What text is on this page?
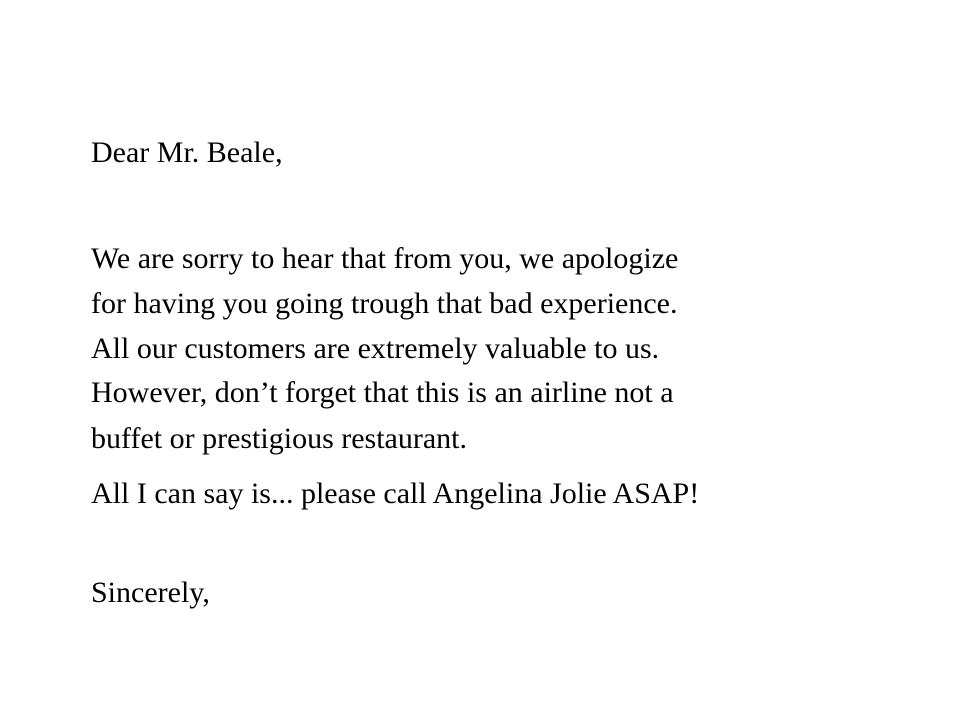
Dear Mr. Beale,
We are sorry to hear that from you, we apologize
for having you going trough that bad experience.
All our customers are extremely valuable to us.
However, don’t forget that this is an airline not a
buffet or prestigious restaurant.
All I can say is... please call Angelina Jolie ASAP!
Sincerely,
